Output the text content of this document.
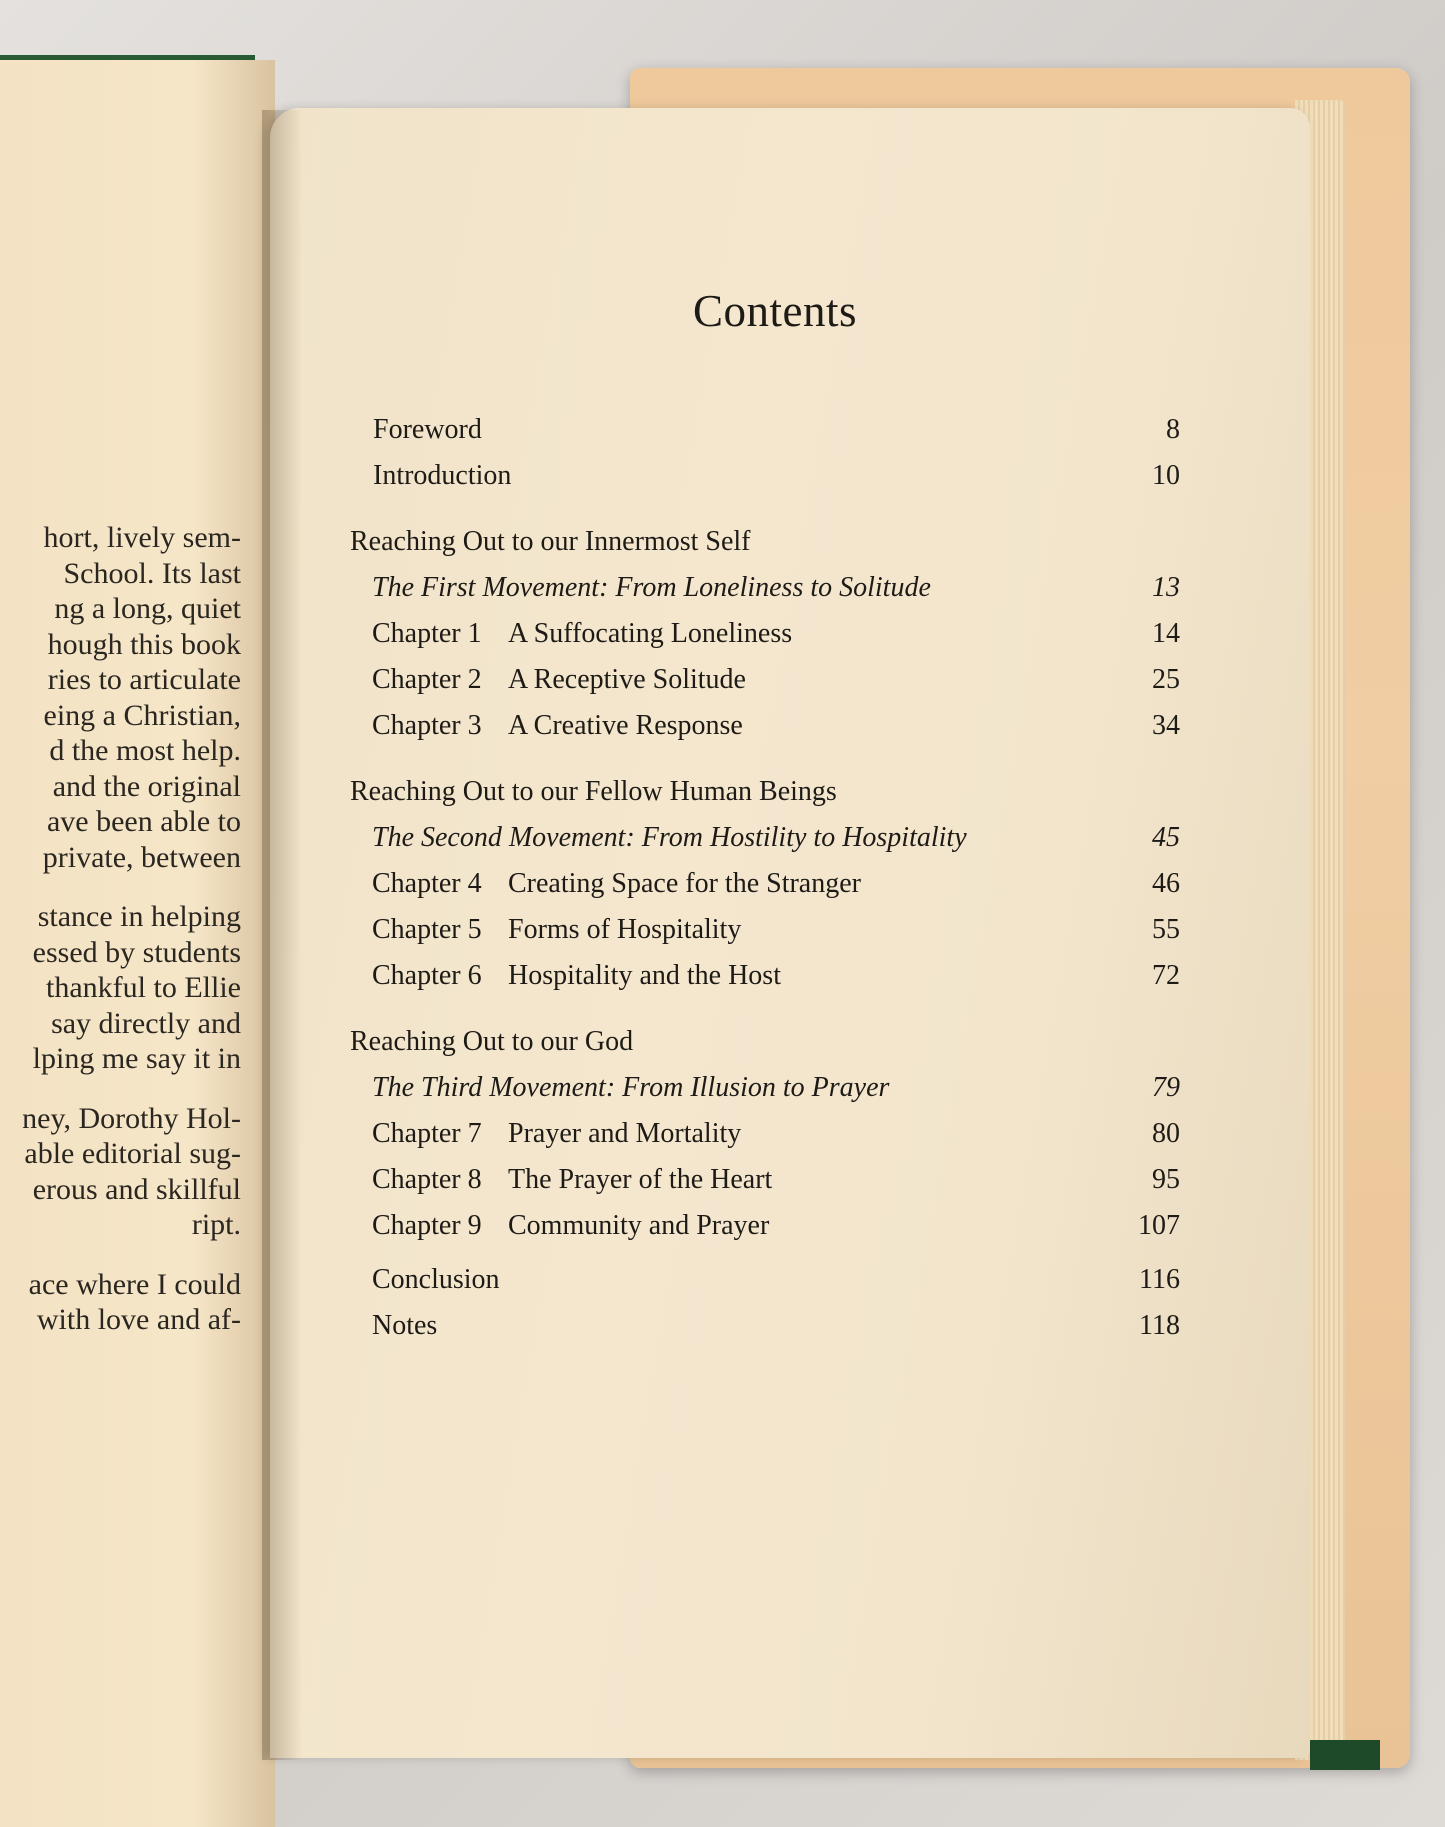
hort, lively sem-
School. Its last
ng a long, quiet
hough this book
ries to articulate
eing a Christian,
d the most help.
and the original
ave been able to
private, between
stance in helping
essed by students
thankful to Ellie
say directly and
lping me say it in
ney, Dorothy Hol-
able editorial sug-
erous and skillful
ript.
ace where I could
with love and af-
Contents
Foreword	8
Introduction	10
Reaching Out to our Innermost Self
The First Movement: From Loneliness to Solitude	13
Chapter 1 A Suffocating Loneliness	14
Chapter 2 A Receptive Solitude	25
Chapter 3 A Creative Response	34
Reaching Out to our Fellow Human Beings
The Second Movement: From Hostility to Hospitality	45
Chapter 4 Creating Space for the Stranger	46
Chapter 5 Forms of Hospitality	55
Chapter 6 Hospitality and the Host	72
Reaching Out to our God
The Third Movement: From Illusion to Prayer	79
Chapter 7 Prayer and Mortality	80
Chapter 8 The Prayer of the Heart	95
Chapter 9 Community and Prayer	107
Conclusion	116
Notes	118
